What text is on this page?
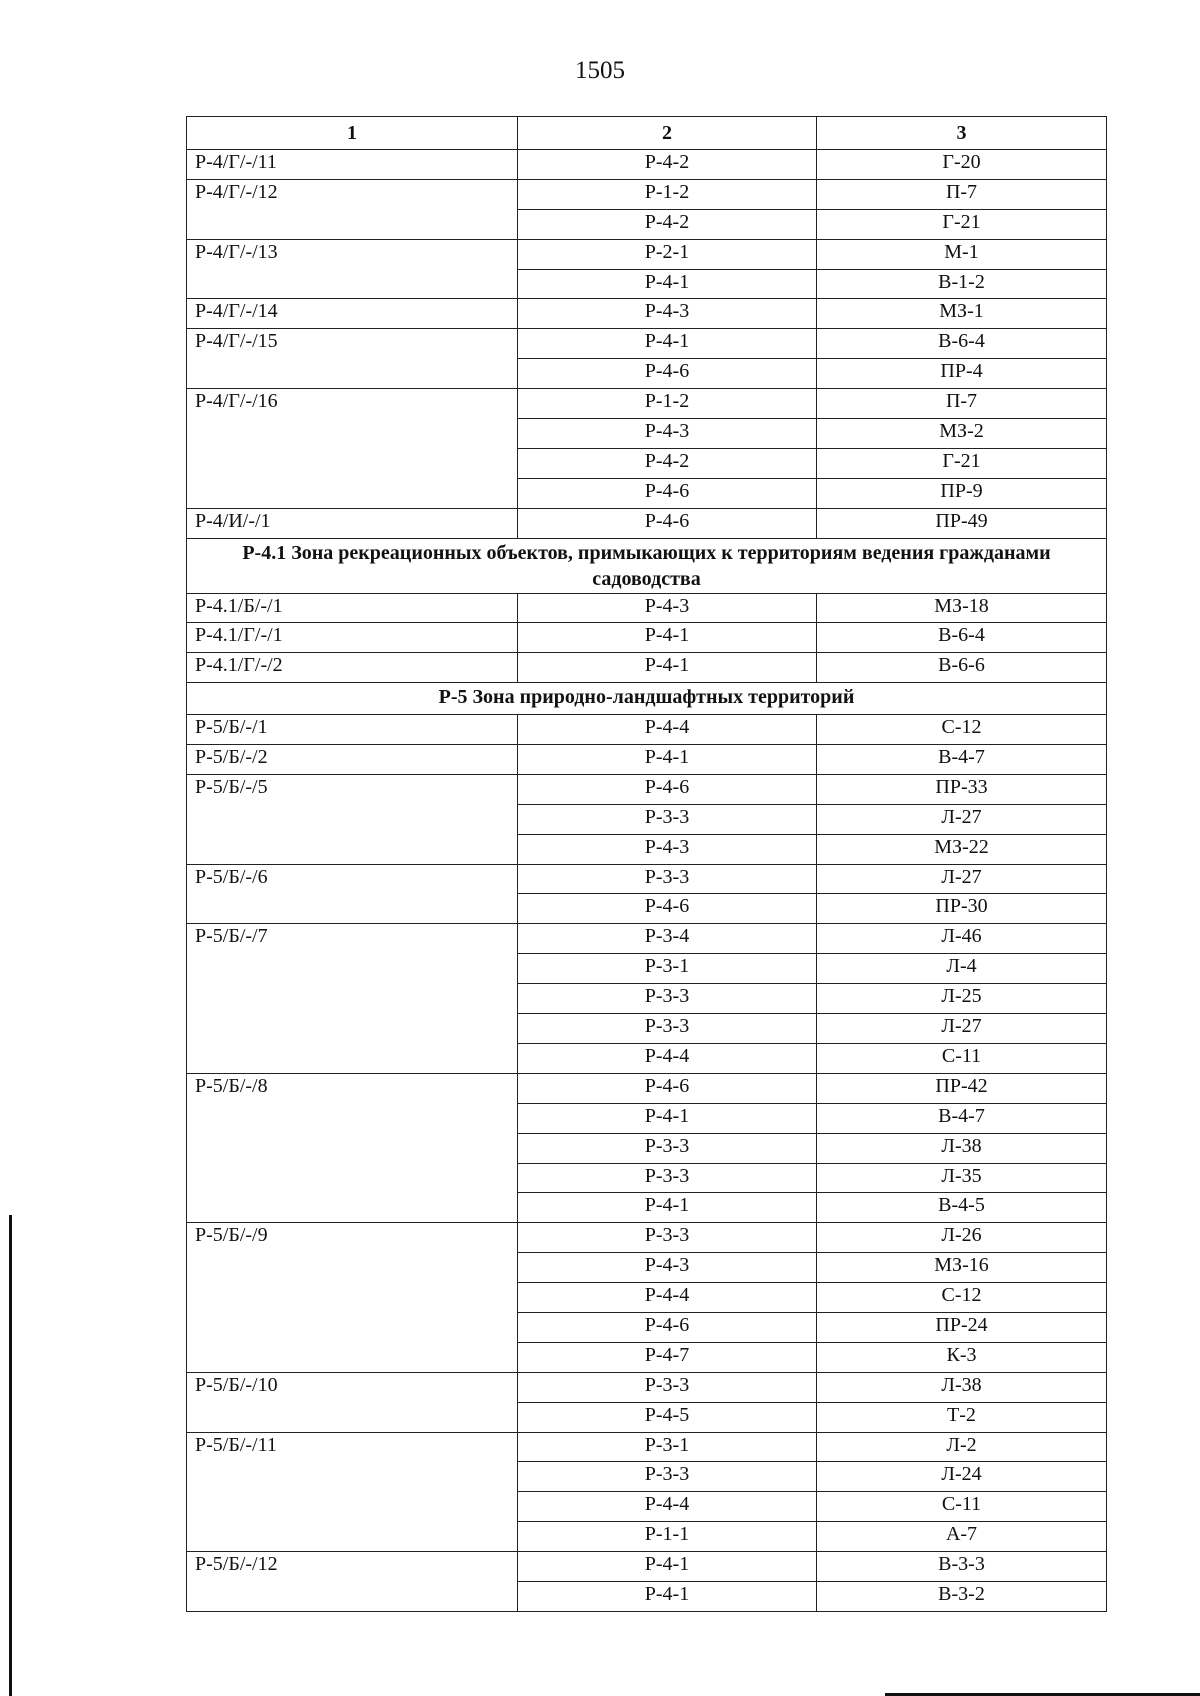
1505
1	2	3
Р-4/Г/-/11	Р-4-2	Г-20
Р-4/Г/-/12	Р-1-2	П-7
	Р-4-2	Г-21
Р-4/Г/-/13	Р-2-1	М-1
	Р-4-1	В-1-2
Р-4/Г/-/14	Р-4-3	МЗ-1
Р-4/Г/-/15	Р-4-1	В-6-4
	Р-4-6	ПР-4
Р-4/Г/-/16	Р-1-2	П-7
	Р-4-3	МЗ-2
	Р-4-2	Г-21
	Р-4-6	ПР-9
Р-4/И/-/1	Р-4-6	ПР-49
Р-4.1 Зона рекреационных объектов, примыкающих к территориям ведения гражданами садоводства		
Р-4.1/Б/-/1	Р-4-3	МЗ-18
Р-4.1/Г/-/1	Р-4-1	В-6-4
Р-4.1/Г/-/2	Р-4-1	В-6-6
Р-5 Зона природно-ландшафтных территорий		
Р-5/Б/-/1	Р-4-4	С-12
Р-5/Б/-/2	Р-4-1	В-4-7
Р-5/Б/-/5	Р-4-6	ПР-33
	Р-3-3	Л-27
	Р-4-3	МЗ-22
Р-5/Б/-/6	Р-3-3	Л-27
	Р-4-6	ПР-30
Р-5/Б/-/7	Р-3-4	Л-46
	Р-3-1	Л-4
	Р-3-3	Л-25
	Р-3-3	Л-27
	Р-4-4	С-11
Р-5/Б/-/8	Р-4-6	ПР-42
	Р-4-1	В-4-7
	Р-3-3	Л-38
	Р-3-3	Л-35
	Р-4-1	В-4-5
Р-5/Б/-/9	Р-3-3	Л-26
	Р-4-3	МЗ-16
	Р-4-4	С-12
	Р-4-6	ПР-24
	Р-4-7	К-3
Р-5/Б/-/10	Р-3-3	Л-38
	Р-4-5	Т-2
Р-5/Б/-/11	Р-3-1	Л-2
	Р-3-3	Л-24
	Р-4-4	С-11
	Р-1-1	А-7
Р-5/Б/-/12	Р-4-1	В-3-3
	Р-4-1	В-3-2
